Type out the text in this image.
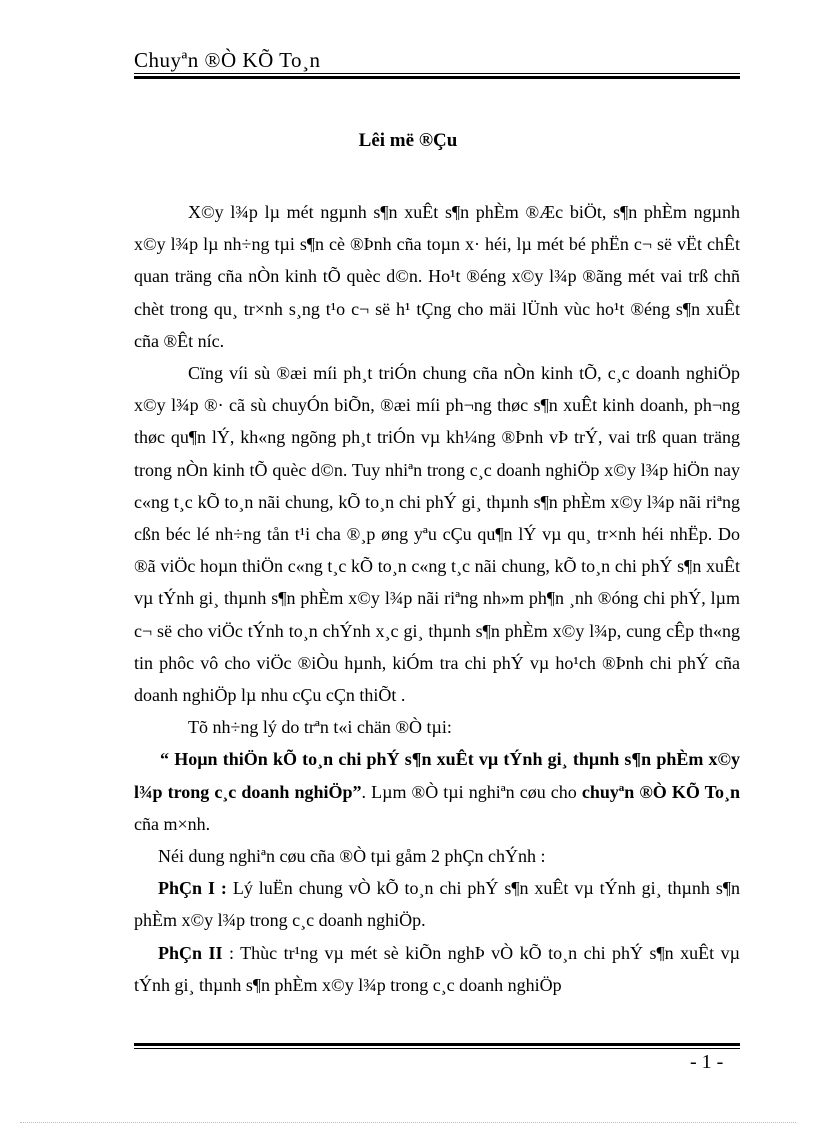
Chuyªn ®Ò KÕ To¸n
Lêi më ®Çu

X©y l¾p lµ mét ngµnh s¶n xuÊt s¶n phÈm ®Æc biÖt, s¶n phÈm ngµnh x©y l¾p lµ nh÷ng tµi s¶n cè ®Þnh cña toµn x· héi, lµ mét bé phËn c¬ së vËt chÊt quan träng cña nÒn kinh tÕ quèc d©n. Ho¹t ®éng x©y l¾p ®ãng mét vai trß chñ chèt trong qu¸ tr×nh s¸ng t¹o c¬ së h¹ tÇng cho mäi lÜnh vùc ho¹t ®éng s¶n xuÊt cña ®Êt níc.

Cïng víi sù ®æi míi ph¸t triÓn chung cña nÒn kinh tÕ, c¸c doanh nghiÖp x©y l¾p ®· cã sù chuyÓn biÕn, ®æi míi ph¬ng thøc s¶n xuÊt kinh doanh, ph¬ng thøc qu¶n lÝ, kh«ng ngõng ph¸t triÓn vµ kh¼ng ®Þnh vÞ trÝ, vai trß quan träng trong nÒn kinh tÕ quèc d©n. Tuy nhiªn trong c¸c doanh nghiÖp x©y l¾p hiÖn nay c«ng t¸c kÕ to¸n nãi chung, kÕ to¸n chi phÝ gi¸ thµnh s¶n phÈm x©y l¾p nãi riªng cßn béc lé nh÷ng tån t¹i cha ®¸p øng yªu cÇu qu¶n lÝ vµ qu¸ tr×nh héi nhËp. Do ®ã viÖc hoµn thiÖn c«ng t¸c kÕ to¸n c«ng t¸c nãi chung, kÕ to¸n chi phÝ s¶n xuÊt vµ tÝnh gi¸ thµnh s¶n phÈm x©y l¾p nãi riªng nh»m ph¶n ¸nh ®óng chi phÝ, lµm c¬ së cho viÖc tÝnh to¸n chÝnh x¸c gi¸ thµnh s¶n phÈm x©y l¾p, cung cÊp th«ng tin phôc vô cho viÖc ®iÒu hµnh, kiÓm tra chi phÝ vµ ho¹ch ®Þnh chi phÝ cña doanh nghiÖp lµ nhu cÇu cÇn thiÕt .

Tõ nh÷ng lý do trªn t«i chän ®Ò tµi:

“ Hoµn thiÖn kÕ to¸n chi phÝ s¶n xuÊt vµ tÝnh gi¸ thµnh s¶n phÈm x©y l¾p trong c¸c doanh nghiÖp”. Lµm ®Ò tµi nghiªn cøu cho chuyªn ®Ò KÕ To¸n cña m×nh.

Néi dung nghiªn cøu cña ®Ò tµi gåm 2 phÇn chÝnh :

PhÇn I : Lý luËn chung vÒ kÕ to¸n chi phÝ s¶n xuÊt vµ tÝnh gi¸ thµnh s¶n phÈm x©y l¾p trong c¸c doanh nghiÖp.

PhÇn II : Thùc tr¹ng vµ mét sè kiÕn nghÞ vÒ kÕ to¸n chi phÝ s¶n xuÊt vµ tÝnh gi¸ thµnh s¶n phÈm x©y l¾p trong c¸c doanh nghiÖp

- 1 -
